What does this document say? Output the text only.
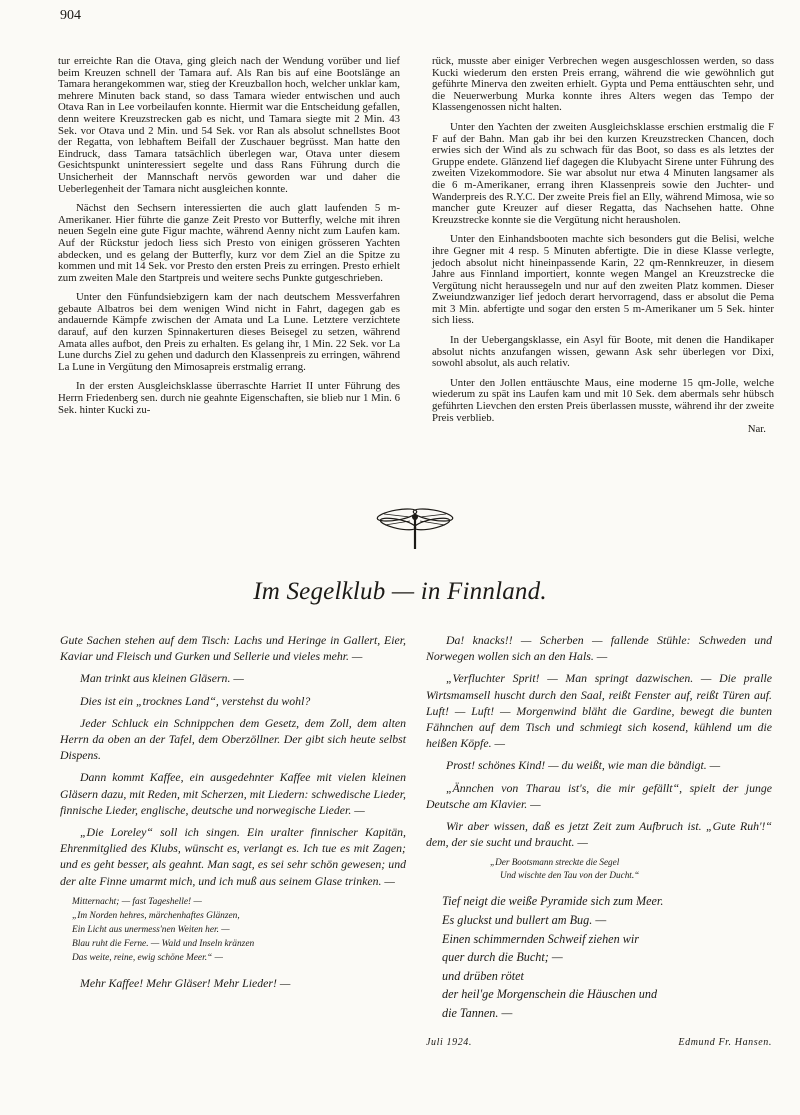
904

tur erreichte Ran die Otava, ging gleich nach der Wendung vorüber und lief beim Kreuzen schnell der Tamara auf. Als Ran bis auf eine Bootslänge an Tamara herangekommen war, stieg der Kreuzballon hoch, welcher unklar kam, mehrere Minuten back stand, so dass Tamara wieder entwischen und auch Otava Ran in Lee vorbeilaufen konnte. Hiermit war die Entscheidung gefallen, denn weitere Kreuzstrecken gab es nicht, und Tamara siegte mit 2 Min. 43 Sek. vor Otava und 2 Min. und 54 Sek. vor Ran als absolut schnellstes Boot der Regatta, von lebhaftem Beifall der Zuschauer begrüsst. Man hatte den Eindruck, dass Tamara tatsächlich überlegen war, Otava unter diesem Gesichtspunkt uninteressiert segelte und dass Rans Führung durch die Unsicherheit der Mannschaft nervös geworden war und daher die Ueberlegenheit der Tamara nicht ausgleichen konnte.

Nächst den Sechsern interessierten die auch glatt laufenden 5 m-Amerikaner. Hier führte die ganze Zeit Presto vor Butterfly, welche mit ihren neuen Segeln eine gute Figur machte, während Aenny nicht zum Laufen kam. Auf der Rückstur jedoch liess sich Presto von einigen grösseren Yachten abdecken, und es gelang der Butterfly, kurz vor dem Ziel an die Spitze zu kommen und mit 14 Sek. vor Presto den ersten Preis zu erringen. Presto erhielt zum zweiten Male den Startpreis und weitere sechs Punkte gutgeschrieben.

Unter den Fünfundsiebzigern kam der nach deutschem Messverfahren gebaute Albatros bei dem wenigen Wind nicht in Fahrt, dagegen gab es andauernde Kämpfe zwischen der Amata und La Lune. Letztere verzichtete darauf, auf den kurzen Spinnakerturen dieses Beisegel zu setzen, während Amata alles aufbot, den Preis zu erhalten. Es gelang ihr, 1 Min. 22 Sek. vor La Lune durchs Ziel zu gehen und dadurch den Klassenpreis zu erringen, während La Lune in Vergütung den Mimosapreis erstmalig errang.

In der ersten Ausgleichsklasse überraschte Harriet II unter Führung des Herrn Friedenberg sen. durch nie geahnte Eigenschaften, sie blieb nur 1 Min. 6 Sek. hinter Kucki zu-

rück, musste aber einiger Verbrechen wegen ausgeschlossen werden, so dass Kucki wiederum den ersten Preis errang, während die wie gewöhnlich gut geführte Minerva den zweiten erhielt. Gypta und Pema enttäuschten sehr, und die Neuerwerbung Murka konnte ihres Alters wegen das Tempo der Klassengenossen nicht halten.

Unter den Yachten der zweiten Ausgleichsklasse erschien erstmalig die F F auf der Bahn. Man gab ihr bei den kurzen Kreuzstrecken Chancen, doch erwies sich der Wind als zu schwach für das Boot, so dass es als letztes der Gruppe endete. Glänzend lief dagegen die Klubyacht Sirene unter Führung des zweiten Vizekommodore. Sie war absolut nur etwa 4 Minuten langsamer als die 6 m-Amerikaner, errang ihren Klassenpreis sowie den Juchter- und Wanderpreis des R.Y.C. Der zweite Preis fiel an Elly, während Mimosa, wie so mancher gute Kreuzer auf dieser Regatta, das Nachsehen hatte. Ohne Kreuzstrecke konnte sie die Vergütung nicht herausholen.

Unter den Einhandsbooten machte sich besonders gut die Belisi, welche ihre Gegner mit 4 resp. 5 Minuten abfertigte. Die in diese Klasse verlegte, jedoch absolut nicht hineinpassende Karin, 22 qm-Rennkreuzer, in diesem Jahre aus Finnland importiert, konnte wegen Mangel an Kreuzstrecke die Vergütung nicht heraussegeln und nur auf den zweiten Platz kommen. Dieser Zweiundzwanziger lief jedoch derart hervorragend, dass er absolut die Pema mit 3 Min. abfertigte und sogar den ersten 5 m-Amerikaner um 5 Sek. hinter sich liess.

In der Uebergangsklasse, ein Asyl für Boote, mit denen die Handikaper absolut nichts anzufangen wissen, gewann Ask sehr überlegen vor Dixi, sowohl absolut, als auch relativ.

Unter den Jollen enttäuschte Maus, eine moderne 15 qm-Jolle, welche wiederum zu spät ins Laufen kam und mit 10 Sek. dem abermals sehr hübsch geführten Lievchen den ersten Preis überlassen musste, während ihr der zweite Preis verblieb.

Nar.
Im Segelklub — in Finnland.

Gute Sachen stehen auf dem Tisch: Lachs und Heringe in Gallert, Eier, Kaviar und Fleisch und Gurken und Sellerie und vieles mehr. —

Man trinkt aus kleinen Gläsern. —

Dies ist ein „trocknes Land“, verstehst du wohl?

Jeder Schluck ein Schnippchen dem Gesetz, dem Zoll, dem alten Herrn da oben an der Tafel, dem Oberzöllner. Der gibt sich heute selbst Dispens.

Dann kommt Kaffee, ein ausgedehnter Kaffee mit vielen kleinen Gläsern dazu, mit Reden, mit Scherzen, mit Liedern: schwedische Lieder, finnische Lieder, englische, deutsche und norwegische Lieder. —

„Die Loreley“ soll ich singen. Ein uralter finnischer Kapitän, Ehrenmitglied des Klubs, wünscht es, verlangt es. Ich tue es mit Zagen; und es geht besser, als geahnt. Man sagt, es sei sehr schön gewesen; und der alte Finne umarmt mich, und ich muß aus seinem Glase trinken. —

Mitternacht; — fast Tageshelle! —
„Im Norden hehres, märchenhaftes Glänzen,
Ein Licht aus unermess'nen Weiten her. —
Blau ruht die Ferne. — Wald und Inseln kränzen
Das weite, reine, ewig schöne Meer.“ —

Mehr Kaffee! Mehr Gläser! Mehr Lieder! —

Da! knacks!! — Scherben — fallende Stühle: Schweden und Norwegen wollen sich an den Hals. —

„Verfluchter Sprit! — Man springt dazwischen. — Die pralle Wirtsmamsell huscht durch den Saal, reißt Fenster auf, reißt Türen auf. Luft! — Luft! — Morgenwind bläht die Gardine, bewegt die bunten Fähnchen auf dem Tisch und schmiegt sich kosend, kühlend um die heißen Köpfe. —

Prost! schönes Kind! — du weißt, wie man die bändigt. —

„Ännchen von Tharau ist's, die mir gefällt“, spielt der junge Deutsche am Klavier. —

Wir aber wissen, daß es jetzt Zeit zum Aufbruch ist. „Gute Ruh'!“ dem, der sie sucht und braucht. —

„Der Bootsmann streckte die Segel
Und wischte den Tau von der Ducht.“
Tief neigt die weiße Pyramide sich zum Meer.
Es gluckst und bullert am Bug. —
Einen schimmernden Schweif ziehen wir
quer durch die Bucht; —
und drüben rötet
der heil'ge Morgenschein die Häuschen und
die Tannen. —
Juli 1924.	Edmund Fr. Hansen.
